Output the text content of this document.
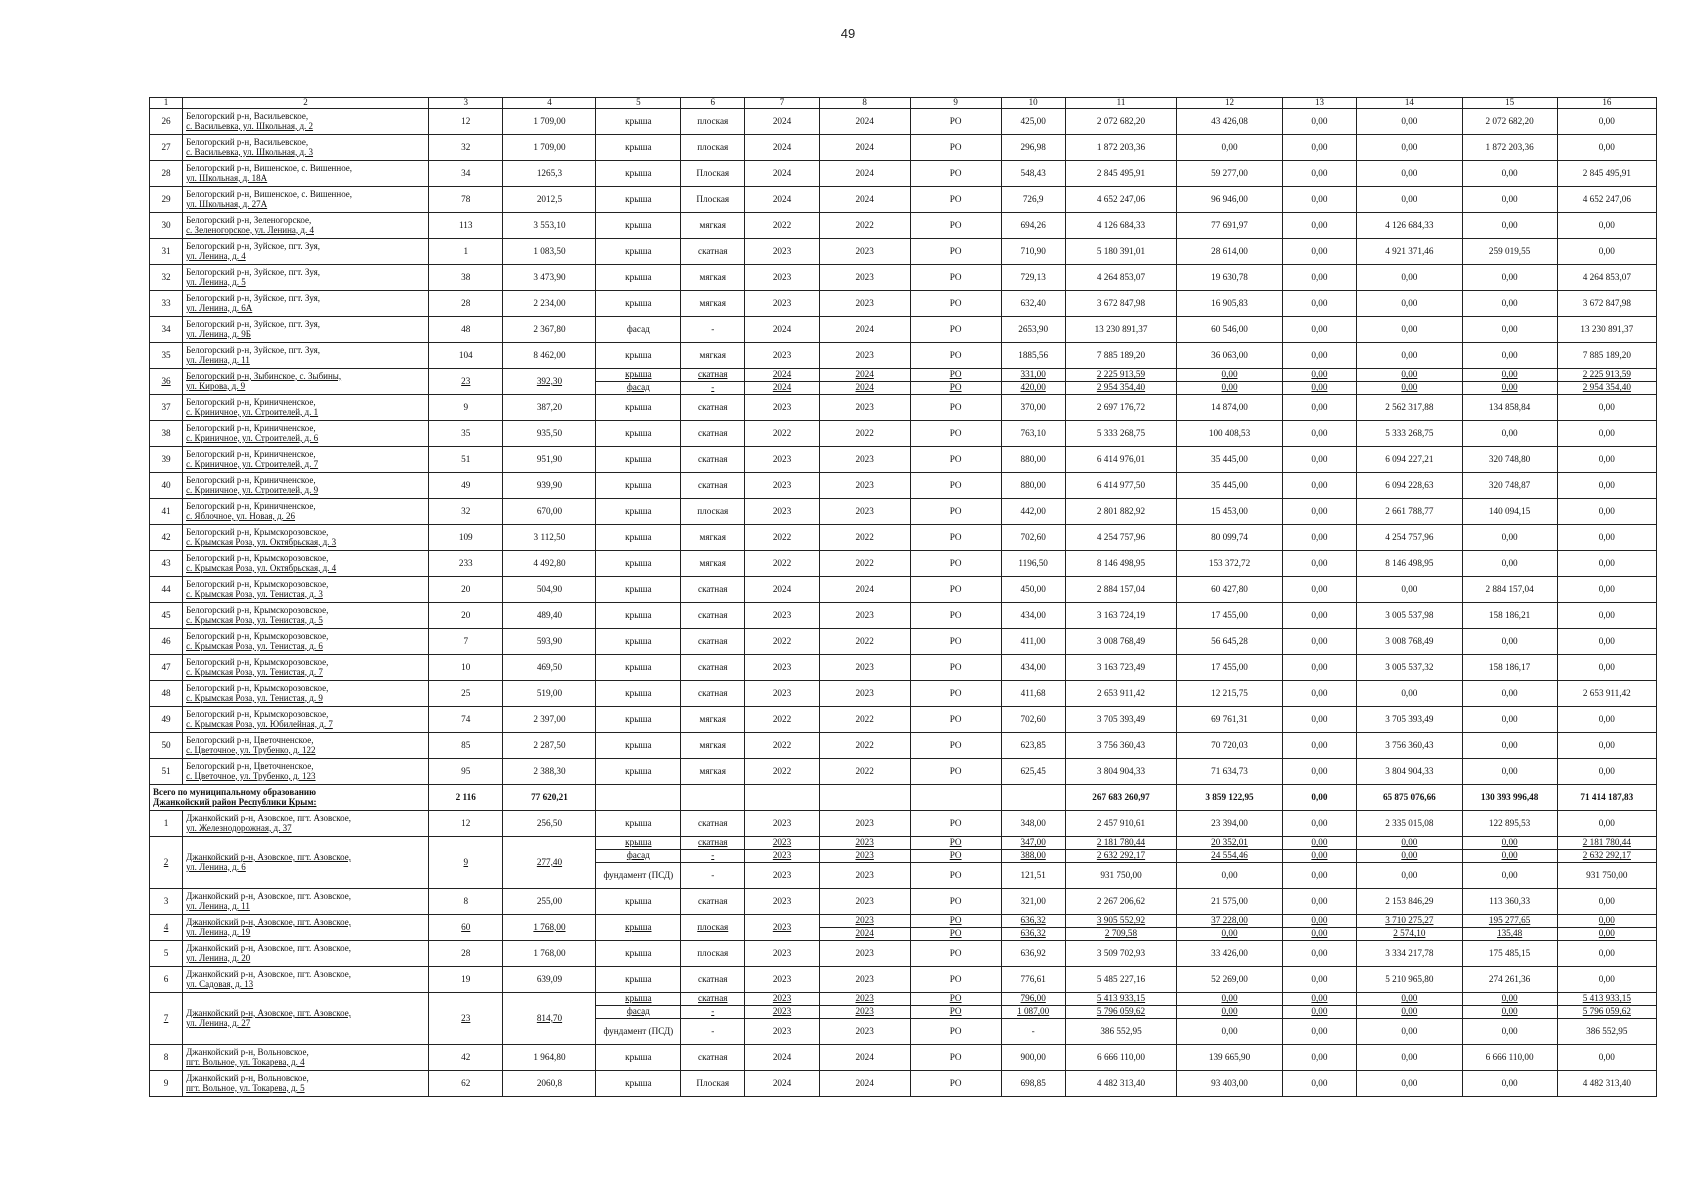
49
1	2	3	4	5	6	7	8	9	10	11	12	13	14	15	16
26	Белогорский р-н, Васильевское,
с. Васильевка, ул. Школьная, д. 2	12	1 709,00	крыша	плоская	2024	2024	РО	425,00	2 072 682,20	43 426,08	0,00	0,00	2 072 682,20	0,00
27	Белогорский р-н, Васильевское,
с. Васильевка, ул. Школьная, д. 3	32	1 709,00	крыша	плоская	2024	2024	РО	296,98	1 872 203,36	0,00	0,00	0,00	1 872 203,36	0,00
28	Белогорский р-н, Вишенское, с. Вишенное,
ул. Школьная, д. 18А	34	1265,3	крыша	Плоская	2024	2024	РО	548,43	2 845 495,91	59 277,00	0,00	0,00	0,00	2 845 495,91
29	Белогорский р-н, Вишенское, с. Вишенное,
ул. Школьная, д. 27А	78	2012,5	крыша	Плоская	2024	2024	РО	726,9	4 652 247,06	96 946,00	0,00	0,00	0,00	4 652 247,06
30	Белогорский р-н, Зеленогорское,
с. Зеленогорское, ул. Ленина, д. 4	113	3 553,10	крыша	мягкая	2022	2022	РО	694,26	4 126 684,33	77 691,97	0,00	4 126 684,33	0,00	0,00
31	Белогорский р-н, Зуйское, пгт. Зуя,
ул. Ленина, д. 4	1	1 083,50	крыша	скатная	2023	2023	РО	710,90	5 180 391,01	28 614,00	0,00	4 921 371,46	259 019,55	0,00
32	Белогорский р-н, Зуйское, пгт. Зуя,
ул. Ленина, д. 5	38	3 473,90	крыша	мягкая	2023	2023	РО	729,13	4 264 853,07	19 630,78	0,00	0,00	0,00	4 264 853,07
33	Белогорский р-н, Зуйское, пгт. Зуя,
ул. Ленина, д. 6А	28	2 234,00	крыша	мягкая	2023	2023	РО	632,40	3 672 847,98	16 905,83	0,00	0,00	0,00	3 672 847,98
34	Белогорский р-н, Зуйское, пгт. Зуя,
ул. Ленина, д. 9Б	48	2 367,80	фасад	-	2024	2024	РО	2653,90	13 230 891,37	60 546,00	0,00	0,00	0,00	13 230 891,37
35	Белогорский р-н, Зуйское, пгт. Зуя,
ул. Ленина, д. 11	104	8 462,00	крыша	мягкая	2023	2023	РО	1885,56	7 885 189,20	36 063,00	0,00	0,00	0,00	7 885 189,20
36	Белогорский р-н, Зыбинское, с. Зыбины,
ул. Кирова, д. 9	23	392,30	крыша	скатная	2024	2024	РО	331,00	2 225 913,59	0,00	0,00	0,00	0,00	2 225 913,59
				фасад	-	2024	2024	РО	420,00	2 954 354,40	0,00	0,00	0,00	0,00	2 954 354,40
37	Белогорский р-н, Криничненское,
с. Криничное, ул. Строителей, д. 1	9	387,20	крыша	скатная	2023	2023	РО	370,00	2 697 176,72	14 874,00	0,00	2 562 317,88	134 858,84	0,00
38	Белогорский р-н, Криничненское,
с. Криничное, ул. Строителей, д. 6	35	935,50	крыша	скатная	2022	2022	РО	763,10	5 333 268,75	100 408,53	0,00	5 333 268,75	0,00	0,00
39	Белогорский р-н, Криничненское,
с. Криничное, ул. Строителей, д. 7	51	951,90	крыша	скатная	2023	2023	РО	880,00	6 414 976,01	35 445,00	0,00	6 094 227,21	320 748,80	0,00
40	Белогорский р-н, Криничненское,
с. Криничное, ул. Строителей, д. 9	49	939,90	крыша	скатная	2023	2023	РО	880,00	6 414 977,50	35 445,00	0,00	6 094 228,63	320 748,87	0,00
41	Белогорский р-н, Криничненское,
с. Яблочное, ул. Новая, д. 26	32	670,00	крыша	плоская	2023	2023	РО	442,00	2 801 882,92	15 453,00	0,00	2 661 788,77	140 094,15	0,00
42	Белогорский р-н, Крымскорозовское,
с. Крымская Роза, ул. Октябрьская, д. 3	109	3 112,50	крыша	мягкая	2022	2022	РО	702,60	4 254 757,96	80 099,74	0,00	4 254 757,96	0,00	0,00
43	Белогорский р-н, Крымскорозовское,
с. Крымская Роза, ул. Октябрьская, д. 4	233	4 492,80	крыша	мягкая	2022	2022	РО	1196,50	8 146 498,95	153 372,72	0,00	8 146 498,95	0,00	0,00
44	Белогорский р-н, Крымскорозовское,
с. Крымская Роза, ул. Тенистая, д. 3	20	504,90	крыша	скатная	2024	2024	РО	450,00	2 884 157,04	60 427,80	0,00	0,00	2 884 157,04	0,00
45	Белогорский р-н, Крымскорозовское,
с. Крымская Роза, ул. Тенистая, д. 5	20	489,40	крыша	скатная	2023	2023	РО	434,00	3 163 724,19	17 455,00	0,00	3 005 537,98	158 186,21	0,00
46	Белогорский р-н, Крымскорозовское,
с. Крымская Роза, ул. Тенистая, д. 6	7	593,90	крыша	скатная	2022	2022	РО	411,00	3 008 768,49	56 645,28	0,00	3 008 768,49	0,00	0,00
47	Белогорский р-н, Крымскорозовское,
с. Крымская Роза, ул. Тенистая, д. 7	10	469,50	крыша	скатная	2023	2023	РО	434,00	3 163 723,49	17 455,00	0,00	3 005 537,32	158 186,17	0,00
48	Белогорский р-н, Крымскорозовское,
с. Крымская Роза, ул. Тенистая, д. 9	25	519,00	крыша	скатная	2023	2023	РО	411,68	2 653 911,42	12 215,75	0,00	0,00	0,00	2 653 911,42
49	Белогорский р-н, Крымскорозовское,
с. Крымская Роза, ул. Юбилейная, д. 7	74	2 397,00	крыша	мягкая	2022	2022	РО	702,60	3 705 393,49	69 761,31	0,00	3 705 393,49	0,00	0,00
50	Белогорский р-н, Цветочненское,
с. Цветочное, ул. Трубенко, д. 122	85	2 287,50	крыша	мягкая	2022	2022	РО	623,85	3 756 360,43	70 720,03	0,00	3 756 360,43	0,00	0,00
51	Белогорский р-н, Цветочненское,
с. Цветочное, ул. Трубенко, д. 123	95	2 388,30	крыша	мягкая	2022	2022	РО	625,45	3 804 904,33	71 634,73	0,00	3 804 904,33	0,00	0,00

Всего по муниципальному образованию
Джанкойский район Республики Крым:		2 116	77 620,21							267 683 260,97	3 859 122,95	0,00	65 875 076,66	130 393 996,48	71 414 187,83
1	Джанкойский р-н, Азовское, пгт. Азовское,
ул. Железнодорожная, д. 37	12	256,50	крыша	скатная	2023	2023	РО	348,00	2 457 910,61	23 394,00	0,00	2 335 015,08	122 895,53	0,00
2	Джанкойский р-н, Азовское, пгт. Азовское,
ул. Ленина, д. 6	9	277,40	крыша	скатная	2023	2023	РО	347,00	2 181 780,44	20 352,01	0,00	0,00	0,00	2 181 780,44
				фасад	-	2023	2023	РО	388,00	2 632 292,17	24 554,46	0,00	0,00	0,00	2 632 292,17
				фундамент (ПСД)	-	2023	2023	РО	121,51	931 750,00	0,00	0,00	0,00	0,00	931 750,00
3	Джанкойский р-н, Азовское, пгт. Азовское,
ул. Ленина, д. 11	8	255,00	крыша	скатная	2023	2023	РО	321,00	2 267 206,62	21 575,00	0,00	2 153 846,29	113 360,33	0,00
4	Джанкойский р-н, Азовское, пгт. Азовское,
ул. Ленина, д. 19	60	1 768,00	крыша	плоская	2023	2023	РО	636,32	3 905 552,92	37 228,00	0,00	3 710 275,27	195 277,65	0,00
							2024	РО	636,32	2 709,58	0,00	0,00	2 574,10	135,48	0,00
5	Джанкойский р-н, Азовское, пгт. Азовское,
ул. Ленина, д. 20	28	1 768,00	крыша	плоская	2023	2023	РО	636,92	3 509 702,93	33 426,00	0,00	3 334 217,78	175 485,15	0,00
6	Джанкойский р-н, Азовское, пгт. Азовское,
ул. Садовая, д. 13	19	639,09	крыша	скатная	2023	2023	РО	776,61	5 485 227,16	52 269,00	0,00	5 210 965,80	274 261,36	0,00
7	Джанкойский р-н, Азовское, пгт. Азовское,
ул. Ленина, д. 27	23	814,70	крыша	скатная	2023	2023	РО	796,00	5 413 933,15	0,00	0,00	0,00	0,00	5 413 933,15
				фасад	-	2023	2023	РО	1 087,00	5 796 059,62	0,00	0,00	0,00	0,00	5 796 059,62
				фундамент (ПСД)	-	2023	2023	РО	-	386 552,95	0,00	0,00	0,00	0,00	386 552,95
8	Джанкойский р-н, Вольновское,
пгт. Вольное, ул. Токарева, д. 4	42	1 964,80	крыша	скатная	2024	2024	РО	900,00	6 666 110,00	139 665,90	0,00	0,00	6 666 110,00	0,00
9	Джанкойский р-н, Вольновское,
пгт. Вольное, ул. Токарева, д. 5	62	2060,8	крыша	Плоская	2024	2024	РО	698,85	4 482 313,40	93 403,00	0,00	0,00	0,00	4 482 313,40
